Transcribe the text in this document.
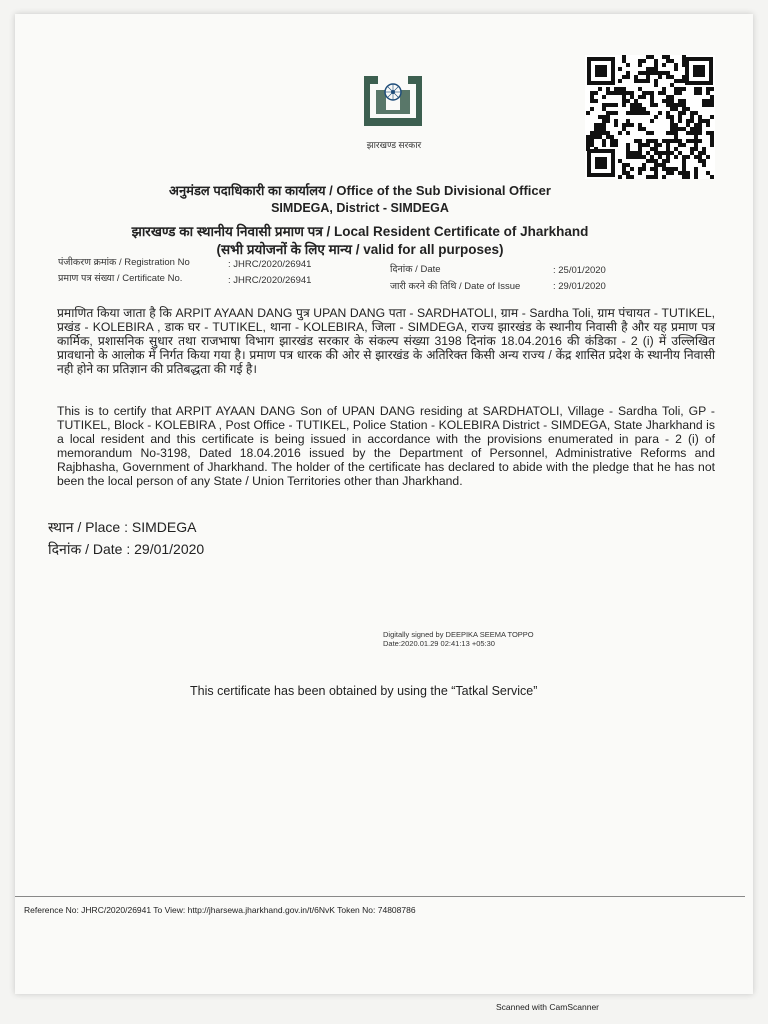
झारखण्ड सरकार
अनुमंडल पदाधिकारी का कार्यालय / Office of the Sub Divisional Officer
SIMDEGA, District - SIMDEGA
झारखण्ड का स्थानीय निवासी प्रमाण पत्र / Local Resident Certificate of Jharkhand
(सभी प्रयोजनों के लिए मान्य / valid for all purposes)
पंजीकरण क्रमांक / Registration No	: JHRC/2020/26941
प्रमाण पत्र संख्या / Certificate No.	: JHRC/2020/26941
दिनांक / Date	: 25/01/2020
जारी करने की तिथि / Date of Issue	: 29/01/2020
प्रमाणित किया जाता है कि ARPIT AYAAN DANG पुत्र UPAN DANG पता - SARDHATOLI, ग्राम - Sardha Toli, ग्राम पंचायत - TUTIKEL, प्रखंड - KOLEBIRA , डाक घर - TUTIKEL, थाना - KOLEBIRA, जिला - SIMDEGA, राज्य झारखंड के स्थानीय निवासी है और यह प्रमाण पत्र कार्मिक, प्रशासनिक सुधार तथा राजभाषा विभाग झारखंड सरकार के संकल्प संख्या 3198 दिनांक 18.04.2016 की कंडिका - 2 (i) में उल्लिखित प्रावधानो के आलोक में निर्गत किया गया है। प्रमाण पत्र धारक की ओर से झारखंड के अतिरिक्त किसी अन्य राज्य / केंद्र शासित प्रदेश के स्थानीय निवासी नही होने का प्रतिज्ञान की प्रतिबद्धता की गई है।
This is to certify that ARPIT AYAAN DANG Son of UPAN DANG residing at SARDHATOLI, Village - Sardha Toli, GP - TUTIKEL, Block - KOLEBIRA , Post Office - TUTIKEL, Police Station - KOLEBIRA District - SIMDEGA, State Jharkhand is a local resident and this certificate is being issued in accordance with the provisions enumerated in para - 2 (i) of memorandum No-3198, Dated 18.04.2016 issued by the Department of Personnel, Administrative Reforms and Rajbhasha, Government of Jharkhand. The holder of the certificate has declared to abide with the pledge that he has not been the local person of any State / Union Territories other than Jharkhand.
स्थान / Place : SIMDEGA
दिनांक / Date : 29/01/2020
Digitally signed by DEEPIKA SEEMA TOPPO
Date:2020.01.29 02:41:13 +05:30
This certificate has been obtained by using the “Tatkal Service”
Reference No: JHRC/2020/26941 To View: http://jharsewa.jharkhand.gov.in/t/6NvK Token No: 74808786
Scanned with CamScanner
